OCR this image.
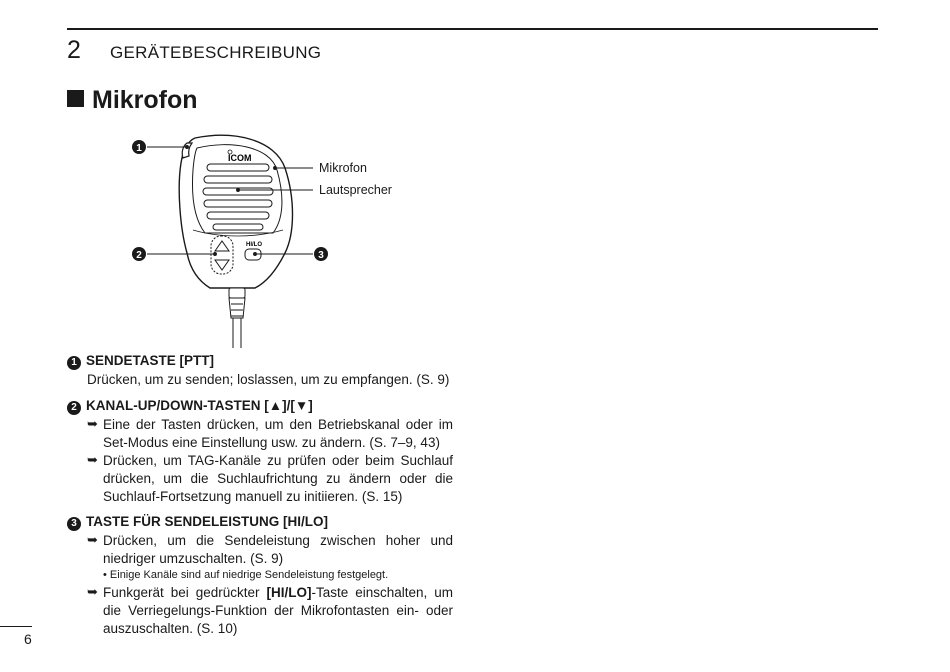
2 GERÄTEBESCHREIBUNG
Mikrofon
ICOM
HI/LO
1
2	3
Mikrofon
Lautsprecher
1 SENDETASTE [PTT]
Drücken, um zu senden; loslassen, um zu empfangen. (S. 9)
2 KANAL-UP/DOWN-TASTEN [▲]/[▼]
➥ Eine der Tasten drücken, um den Betriebskanal oder im Set-Modus eine Einstellung usw. zu ändern. (S. 7–9, 43)
➥ Drücken, um TAG-Kanäle zu prüfen oder beim Suchlauf drücken, um die Suchlaufrichtung zu ändern oder die Suchlauf-Fortsetzung manuell zu initiieren. (S. 15)
3 TASTE FÜR SENDELEISTUNG [HI/LO]
➥ Drücken, um die Sendeleistung zwischen hoher und niedriger umzuschalten. (S. 9)
• Einige Kanäle sind auf niedrige Sendeleistung festgelegt.
➥ Funkgerät bei gedrückter [HI/LO]-Taste einschalten, um die Verriegelungs-Funktion der Mikrofontasten ein- oder auszuschalten. (S. 10)
6
